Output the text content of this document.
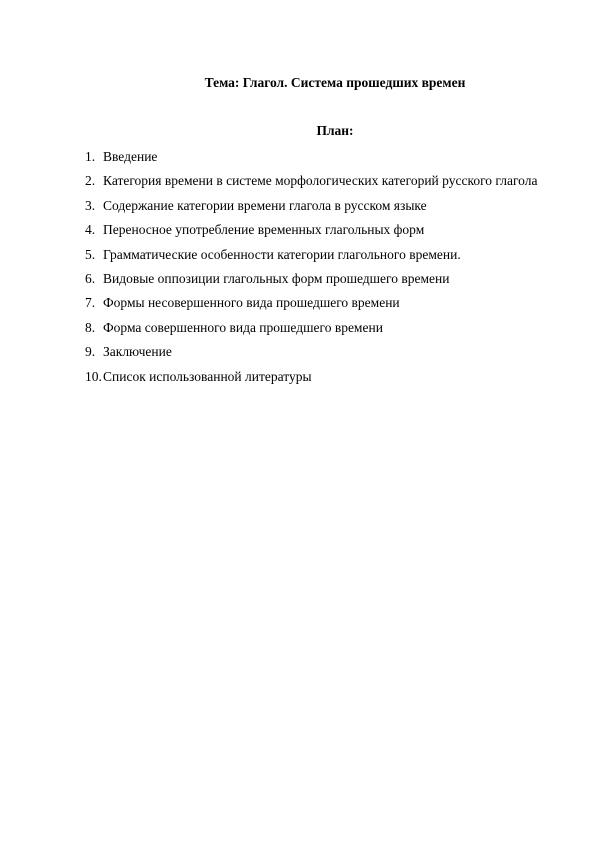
Тема: Глагол. Система прошедших времен
План:
1. Введение
2. Категория времени в системе морфологических категорий русского глагола
3. Содержание категории времени глагола в русском языке
4. Переносное употребление временных глагольных форм
5. Грамматические особенности категории глагольного времени.
6. Видовые оппозиции глагольных форм прошедшего времени
7. Формы несовершенного вида прошедшего времени
8. Форма совершенного вида прошедшего времени
9. Заключение
10. Список использованной литературы
